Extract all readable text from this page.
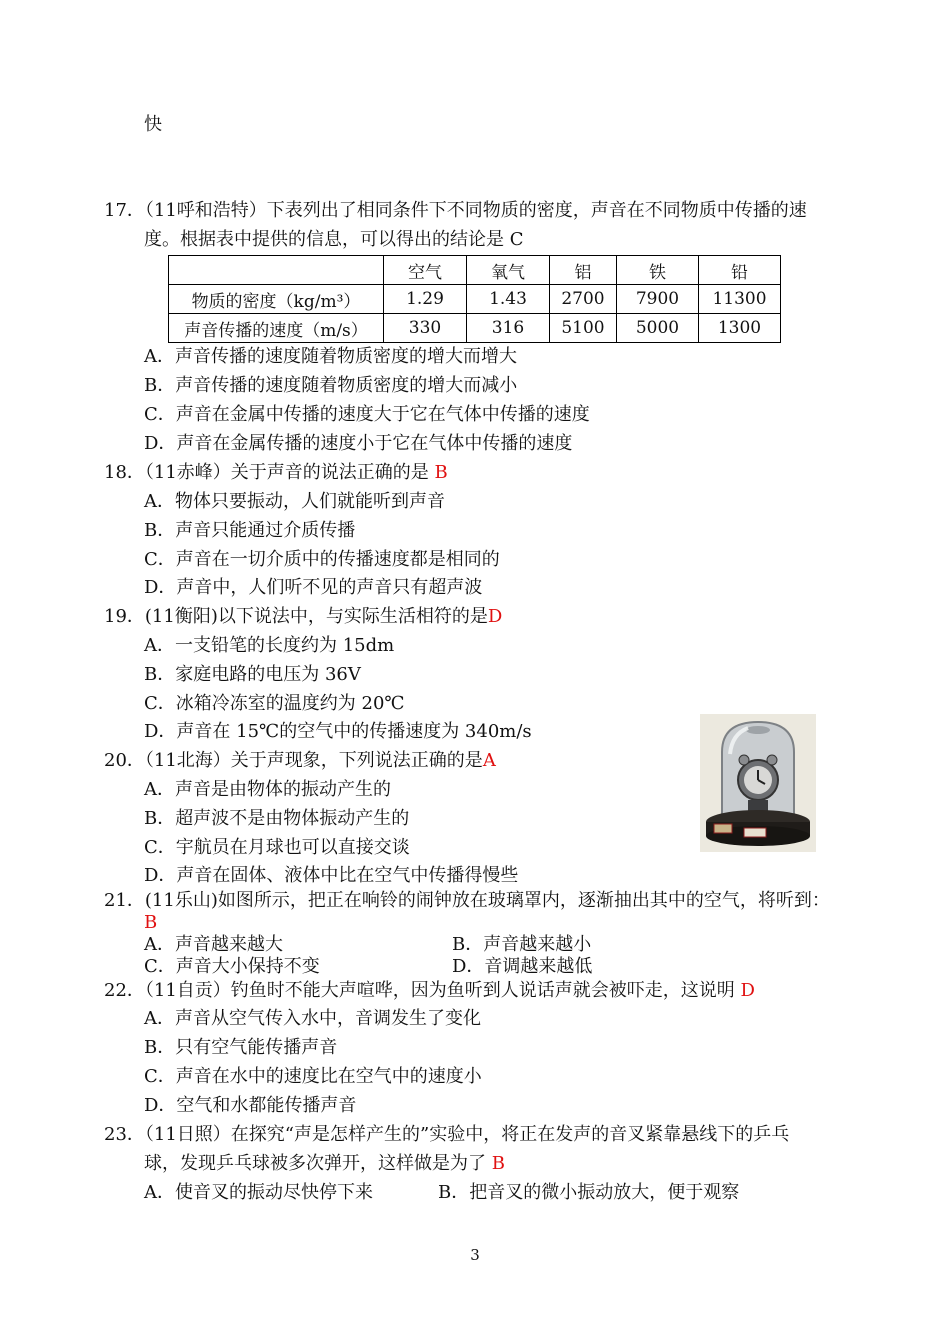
快
17．（11呼和浩特）下表列出了相同条件下不同物质的密度，声音在不同物质中传播的速
度。根据表中提供的信息，可以得出的结论是 C
	空气	氧气	铝	铁	铅
物质的密度（kg/m³）	1.29	1.43	2700	7900	11300
声音传播的速度（m/s）	330	316	5100	5000	1300
A．声音传播的速度随着物质密度的增大而增大
B．声音传播的速度随着物质密度的增大而减小
C．声音在金属中传播的速度大于它在气体中传播的速度
D．声音在金属传播的速度小于它在气体中传播的速度
18．（11赤峰）关于声音的说法正确的是 B
A．物体只要振动，人们就能听到声音
B．声音只能通过介质传播
C．声音在一切介质中的传播速度都是相同的
D．声音中，人们听不见的声音只有超声波
19．(11衡阳)以下说法中，与实际生活相符的是D
A．一支铅笔的长度约为 15dm
B．家庭电路的电压为 36V
C．冰箱冷冻室的温度约为 20℃
D．声音在 15℃的空气中的传播速度为 340m/s
20．（11北海）关于声现象，下列说法正确的是A
A．声音是由物体的振动产生的
B．超声波不是由物体振动产生的
C．宇航员在月球也可以直接交谈
D．声音在固体、液体中比在空气中传播得慢些
21．(11乐山)如图所示，把正在响铃的闹钟放在玻璃罩内，逐渐抽出其中的空气，将听到：
B
A．声音越来越大	B．声音越来越小
C．声音大小保持不变	D．音调越来越低
22．（11自贡）钓鱼时不能大声喧哗，因为鱼听到人说话声就会被吓走，这说明 D
A．声音从空气传入水中，音调发生了变化
B．只有空气能传播声音
C．声音在水中的速度比在空气中的速度小
D．空气和水都能传播声音
23．（11日照）在探究“声是怎样产生的”实验中，将正在发声的音叉紧靠悬线下的乒乓
球，发现乒乓球被多次弹开，这样做是为了 B
A．使音叉的振动尽快停下来	B．把音叉的微小振动放大，便于观察
3
